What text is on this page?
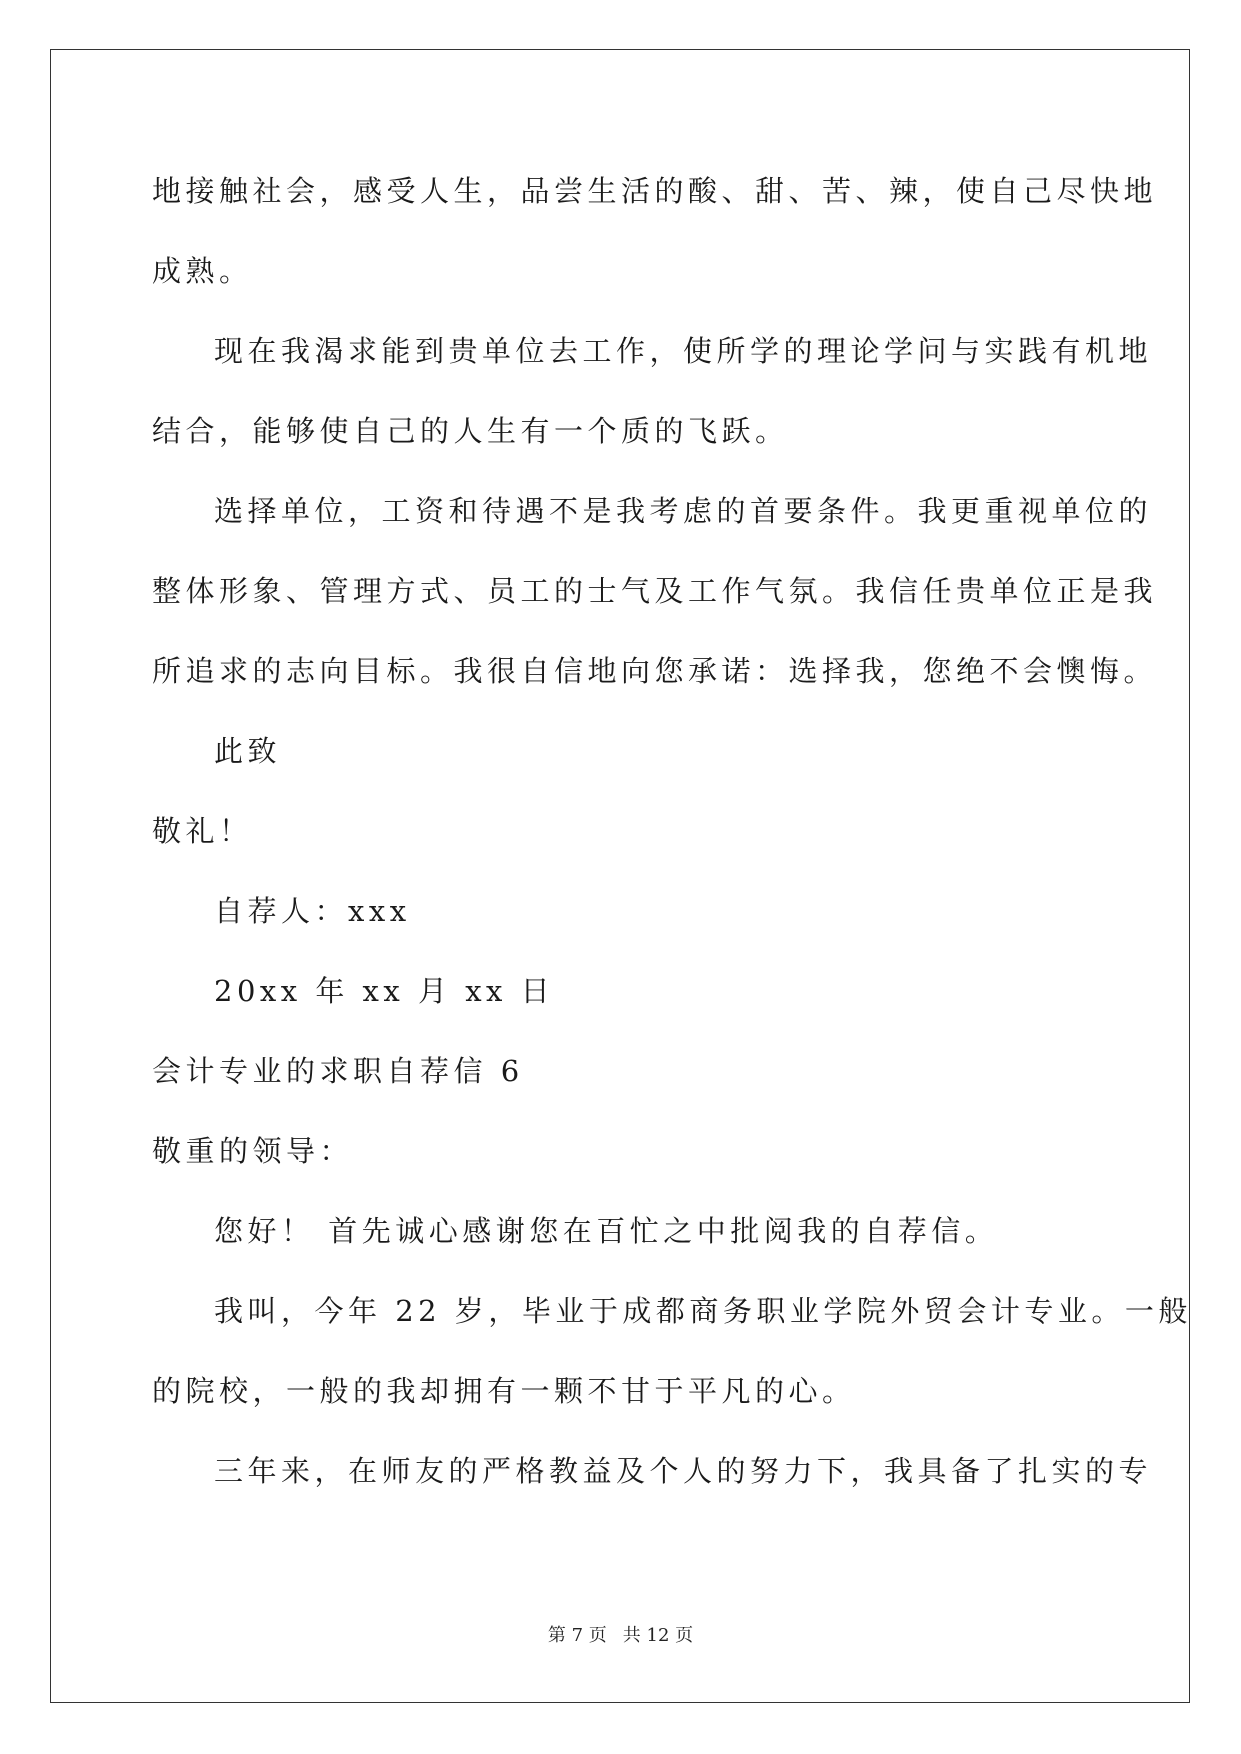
地接触社会，感受人生，品尝生活的酸、甜、苦、辣，使自己尽快地
成熟。
现在我渴求能到贵单位去工作，使所学的理论学问与实践有机地
结合，能够使自己的人生有一个质的飞跃。
选择单位，工资和待遇不是我考虑的首要条件。我更重视单位的
整体形象、管理方式、员工的士气及工作气氛。我信任贵单位正是我
所追求的志向目标。我很自信地向您承诺：选择我，您绝不会懊悔。
此致
敬礼！
自荐人：xxx
20xx 年 xx 月 xx 日
会计专业的求职自荐信 6
敬重的领导：
您好！ 首先诚心感谢您在百忙之中批阅我的自荐信。
我叫，今年 22 岁，毕业于成都商务职业学院外贸会计专业。一般
的院校，一般的我却拥有一颗不甘于平凡的心。
三年来，在师友的严格教益及个人的努力下，我具备了扎实的专
第 7 页 共 12 页
